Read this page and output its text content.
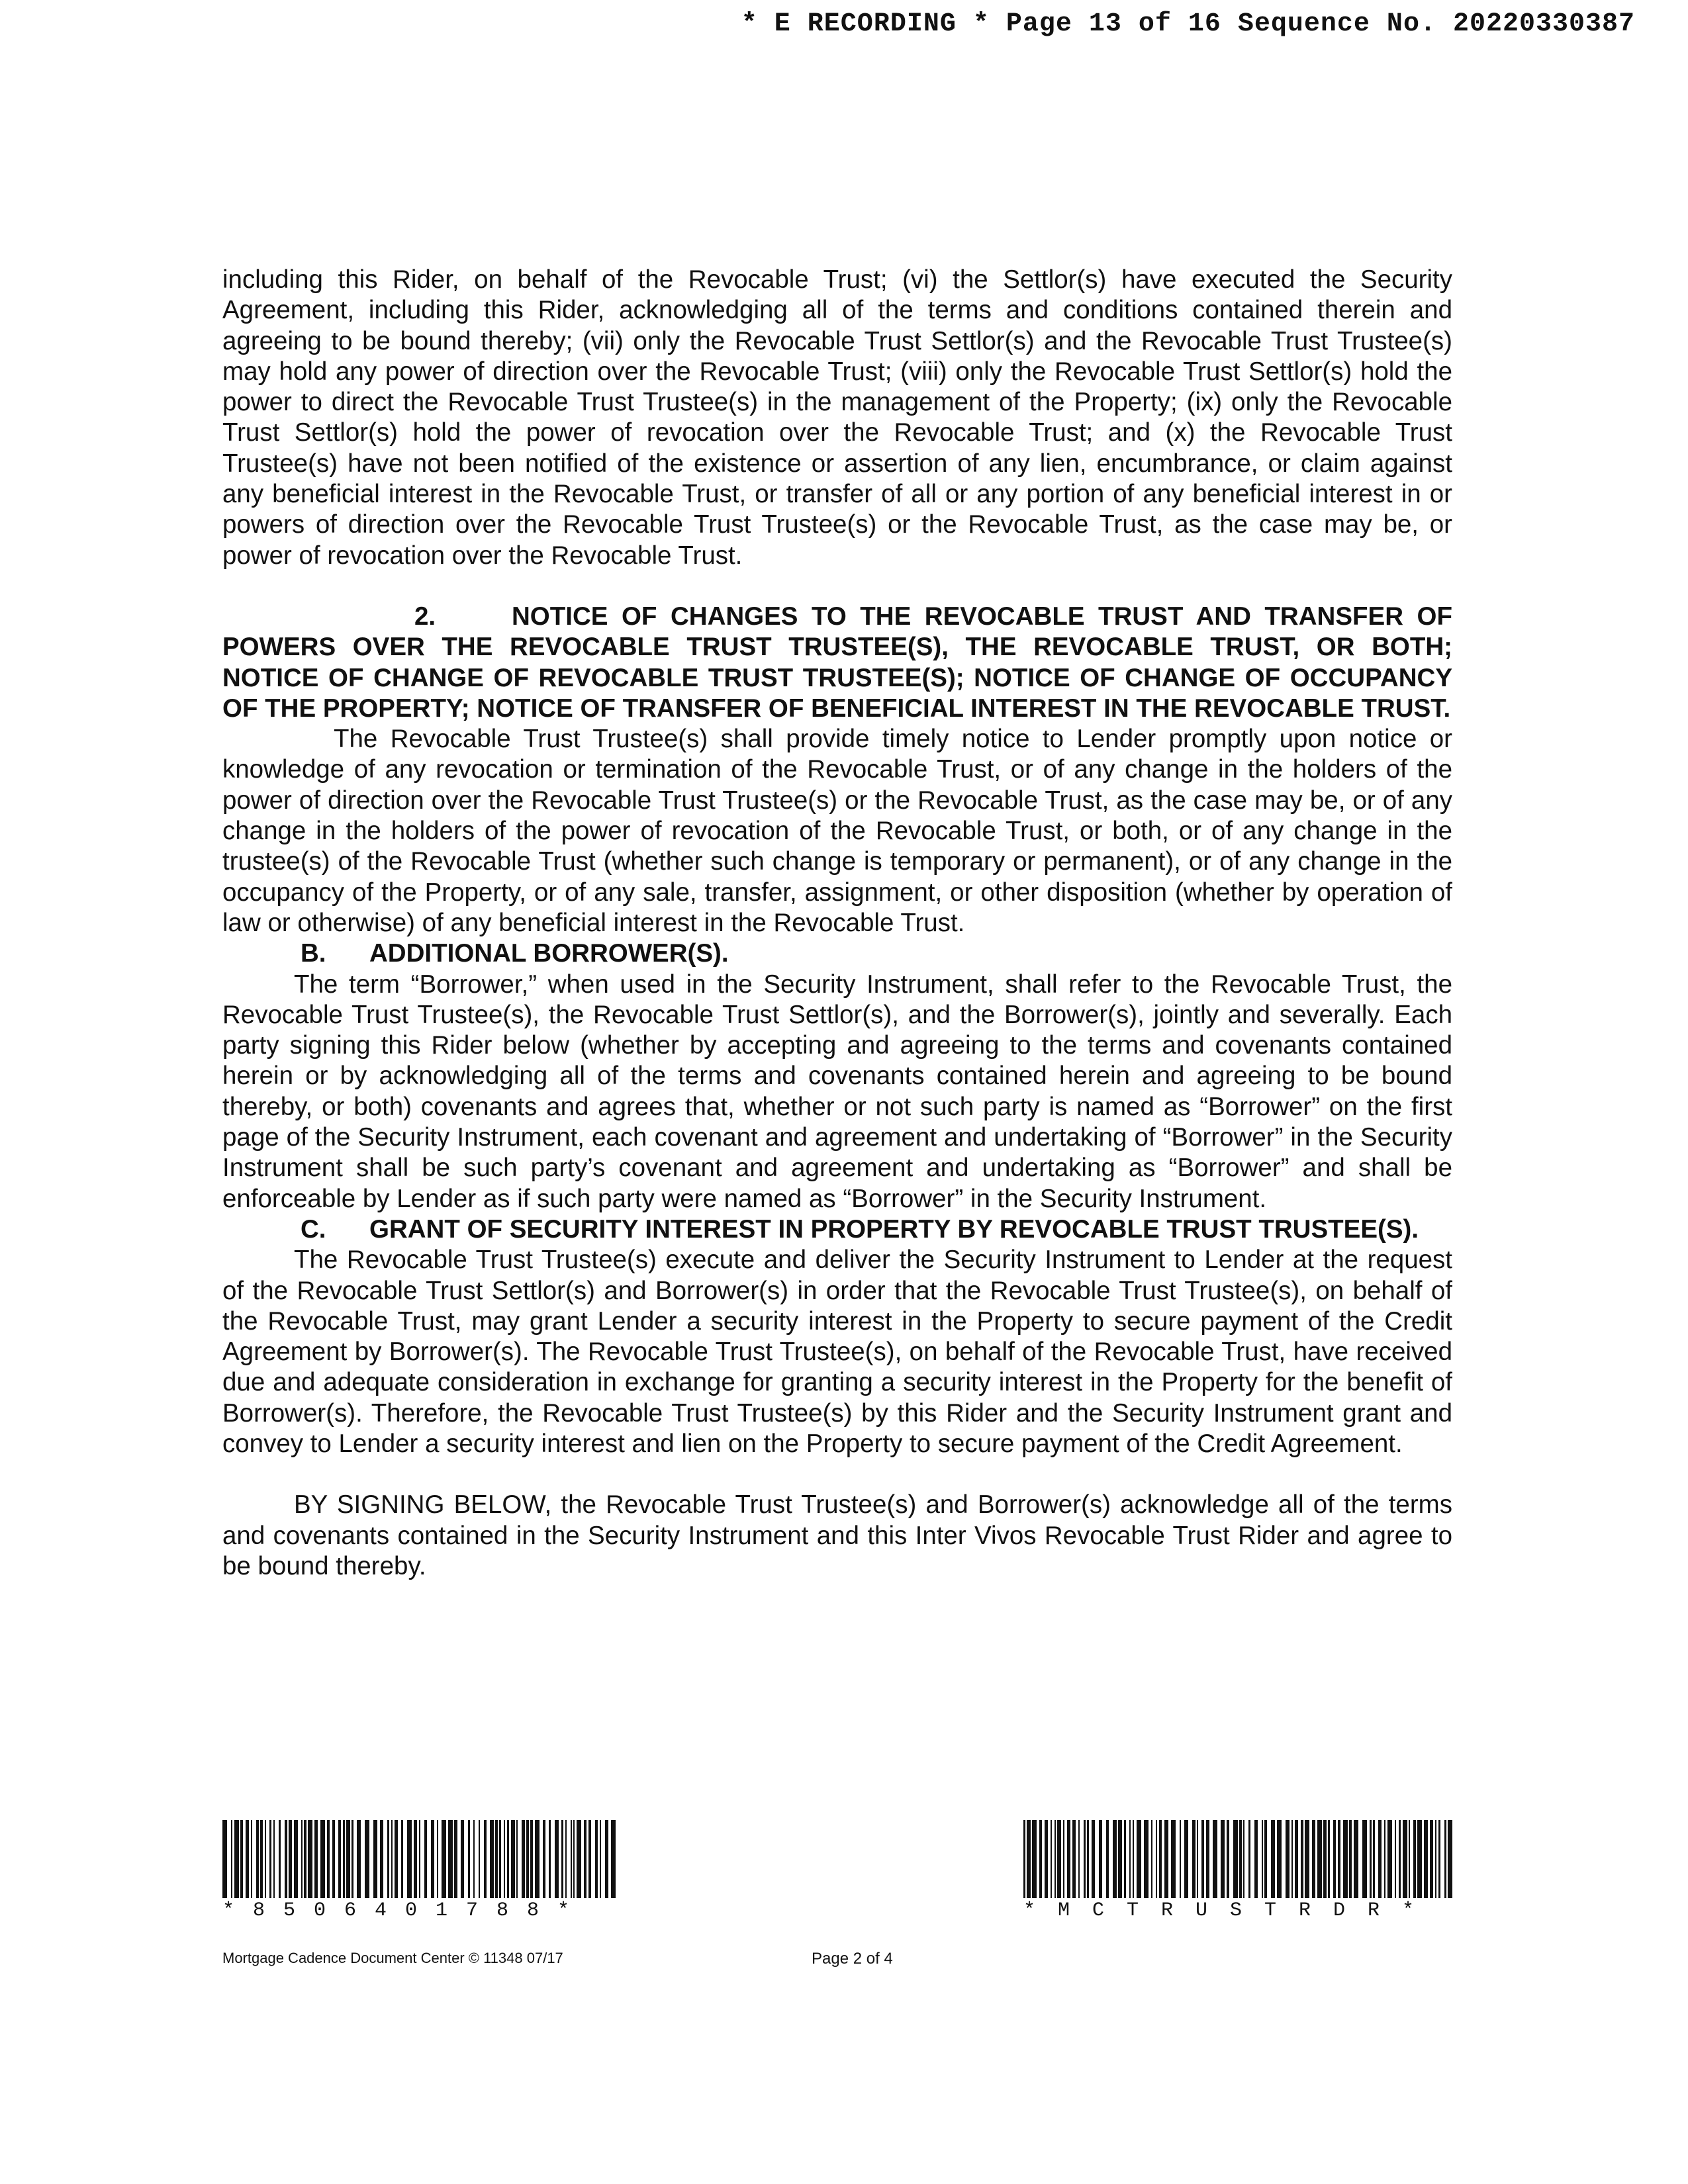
* E RECORDING * Page 13 of 16 Sequence No. 20220330387

including this Rider, on behalf of the Revocable Trust; (vi) the Settlor(s) have executed the Security Agreement, including this Rider, acknowledging all of the terms and conditions contained therein and agreeing to be bound thereby; (vii) only the Revocable Trust Settlor(s) and the Revocable Trust Trustee(s) may hold any power of direction over the Revocable Trust; (viii) only the Revocable Trust Settlor(s) hold the power to direct the Revocable Trust Trustee(s) in the management of the Property; (ix) only the Revocable Trust Settlor(s) hold the power of revocation over the Revocable Trust; and (x) the Revocable Trust Trustee(s) have not been notified of the existence or assertion of any lien, encumbrance, or claim against any beneficial interest in the Revocable Trust, or transfer of all or any portion of any beneficial interest in or powers of direction over the Revocable Trust Trustee(s) or the Revocable Trust, as the case may be, or power of revocation over the Revocable Trust.

2.	NOTICE OF CHANGES TO THE REVOCABLE TRUST AND TRANSFER OF POWERS OVER THE REVOCABLE TRUST TRUSTEE(S), THE REVOCABLE TRUST, OR BOTH; NOTICE OF CHANGE OF REVOCABLE TRUST TRUSTEE(S); NOTICE OF CHANGE OF OCCUPANCY OF THE PROPERTY; NOTICE OF TRANSFER OF BENEFICIAL INTEREST IN THE REVOCABLE TRUST.

The Revocable Trust Trustee(s) shall provide timely notice to Lender promptly upon notice or knowledge of any revocation or termination of the Revocable Trust, or of any change in the holders of the power of direction over the Revocable Trust Trustee(s) or the Revocable Trust, as the case may be, or of any change in the holders of the power of revocation of the Revocable Trust, or both, or of any change in the trustee(s) of the Revocable Trust (whether such change is temporary or permanent), or of any change in the occupancy of the Property, or of any sale, transfer, assignment, or other disposition (whether by operation of law or otherwise) of any beneficial interest in the Revocable Trust.

B. ADDITIONAL BORROWER(S).

The term “Borrower,” when used in the Security Instrument, shall refer to the Revocable Trust, the Revocable Trust Trustee(s), the Revocable Trust Settlor(s), and the Borrower(s), jointly and severally. Each party signing this Rider below (whether by accepting and agreeing to the terms and covenants contained herein or by acknowledging all of the terms and covenants contained herein and agreeing to be bound thereby, or both) covenants and agrees that, whether or not such party is named as “Borrower” on the first page of the Security Instrument, each covenant and agreement and undertaking of “Borrower” in the Security Instrument shall be such party’s covenant and agreement and undertaking as “Borrower” and shall be enforceable by Lender as if such party were named as “Borrower” in the Security Instrument.

C. GRANT OF SECURITY INTEREST IN PROPERTY BY REVOCABLE TRUST TRUSTEE(S).

The Revocable Trust Trustee(s) execute and deliver the Security Instrument to Lender at the request of the Revocable Trust Settlor(s) and Borrower(s) in order that the Revocable Trust Trustee(s), on behalf of the Revocable Trust, may grant Lender a security interest in the Property to secure payment of the Credit Agreement by Borrower(s). The Revocable Trust Trustee(s), on behalf of the Revocable Trust, have received due and adequate consideration in exchange for granting a security interest in the Property for the benefit of Borrower(s). Therefore, the Revocable Trust Trustee(s) by this Rider and the Security Instrument grant and convey to Lender a security interest and lien on the Property to secure payment of the Credit Agreement.

BY SIGNING BELOW, the Revocable Trust Trustee(s) and Borrower(s) acknowledge all of the terms and covenants contained in the Security Instrument and this Inter Vivos Revocable Trust Rider and agree to be bound thereby.

*8506401788*	*MCTRUSTRDR*
Mortgage Cadence Document Center © 11348 07/17	Page 2 of 4
